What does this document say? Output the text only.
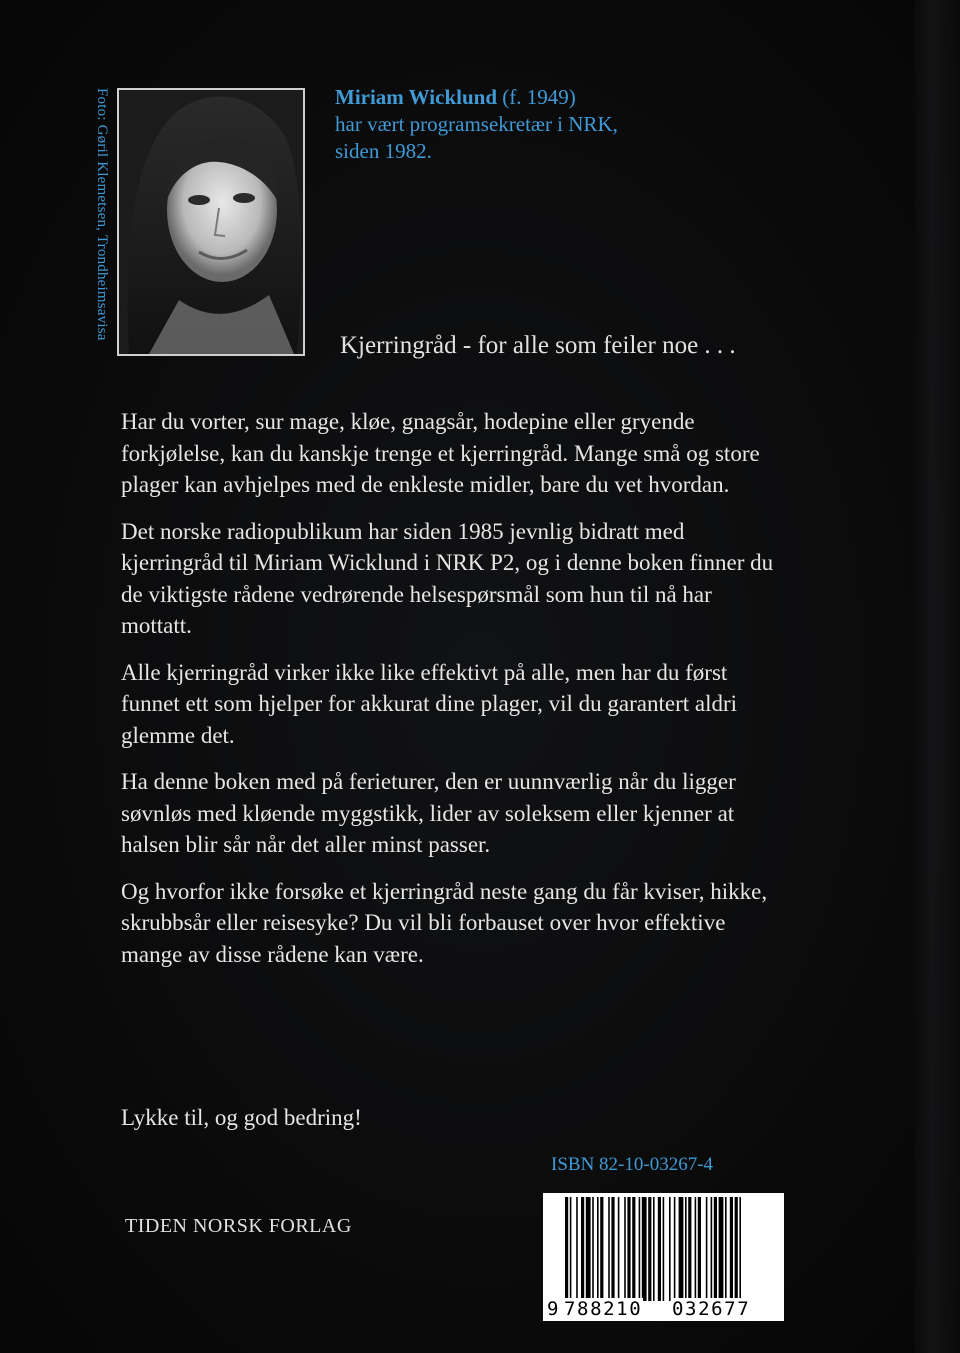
Foto: Gøril Klemetsen, Trondheimsavisa	Miriam Wicklund (f. 1949)
har vært programsekretær i NRK,
siden 1982.
Kjerringråd - for alle som feiler noe . . .

Har du vorter, sur mage, kløe, gnagsår, hodepine eller gryende forkjølelse, kan du kanskje trenge et kjerringråd. Mange små og store plager kan avhjelpes med de enkleste midler, bare du vet hvordan.

Det norske radiopublikum har siden 1985 jevnlig bidratt med kjerringråd til Miriam Wicklund i NRK P2, og i denne boken finner du de viktigste rådene vedrørende helsespørsmål som hun til nå har mottatt.

Alle kjerringråd virker ikke like effektivt på alle, men har du først funnet ett som hjelper for akkurat dine plager, vil du garantert aldri glemme det.

Ha denne boken med på ferieturer, den er uunnværlig når du ligger søvnløs med kløende myggstikk, lider av soleksem eller kjenner at halsen blir sår når det aller minst passer.

Og hvorfor ikke forsøke et kjerringråd neste gang du får kviser, hikke, skrubbsår eller reisesyke? Du vil bli forbauset over hvor effektive mange av disse rådene kan være.

Lykke til, og god bedring!
ISBN 82-10-03267-4
TIDEN NORSK FORLAG
9 788210 032677
